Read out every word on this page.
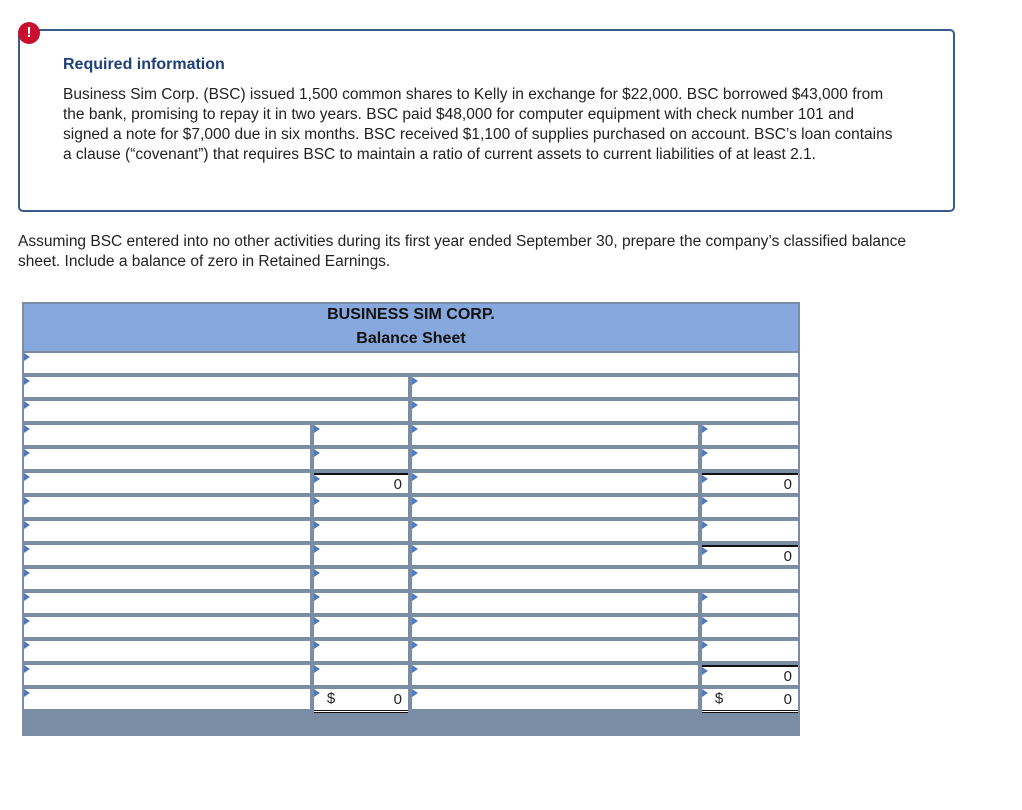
!
Required information
Business Sim Corp. (BSC) issued 1,500 common shares to Kelly in exchange for $22,000. BSC borrowed $43,000 from the bank, promising to repay it in two years. BSC paid $48,000 for computer equipment with check number 101 and signed a note for $7,000 due in six months. BSC received $1,100 of supplies purchased on account. BSC’s loan contains a clause (“covenant”) that requires BSC to maintain a ratio of current assets to current liabilities of at least 2.1.
Assuming BSC entered into no other activities during its first year ended September 30, prepare the company’s classified balance sheet. Include a balance of zero in Retained Earnings.
BUSINESS SIM CORP.
Balance Sheet
0
0
0
0
$
0	$
0
